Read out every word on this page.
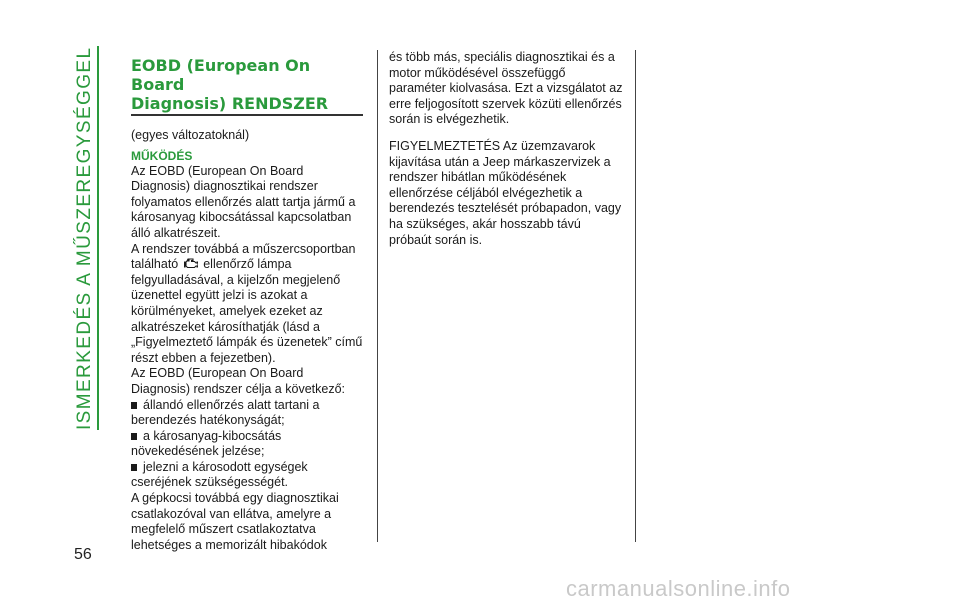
ISMERKEDÉS A MŰSZEREGYSÉGGEL EOBD (European On Board
Diagnosis) RENDSZER

(egyes változatoknál)

MŰKÖDÉS

Az EOBD (European On Board Diagnosis) diagnosztikai rendszer folyamatos ellenőrzés alatt tartja jármű a károsanyag kibocsátással kapcsolatban álló alkatrészeit.

A rendszer továbbá a műszercsoportban található ellenőrző lámpa felgyulladásával, a kijelzőn megjelenő üzenettel együtt jelzi is azokat a körülményeket, amelyek ezeket az alkatrészeket károsíthatják (lásd a „Figyelmeztető lámpák és üzenetek” című részt ebben a fejezetben).

Az EOBD (European On Board Diagnosis) rendszer célja a következő:

állandó ellenőrzés alatt tartani a berendezés hatékonyságát;

a károsanyag-kibocsátás növekedésének jelzése;

jelezni a károsodott egységek cseréjének szükségességét.

A gépkocsi továbbá egy diagnosztikai csatlakozóval van ellátva, amelyre a megfelelő műszert csatlakoztatva lehetséges a memorizált hibakódok

és több más, speciális diagnosztikai és a motor működésével összefüggő paraméter kiolvasása. Ezt a vizsgálatot az erre feljogosított szervek közüti ellenőrzés során is elvégezhetik.

FIGYELMEZTETÉS Az üzemzavarok kijavítása után a Jeep márkaszervizek a rendszer hibátlan működésének ellenőrzése céljából elvégezhetik a berendezés tesztelését próbapadon, vagy ha szükséges, akár hosszabb távú próbaút során is.

56
carmanualsonline.info
